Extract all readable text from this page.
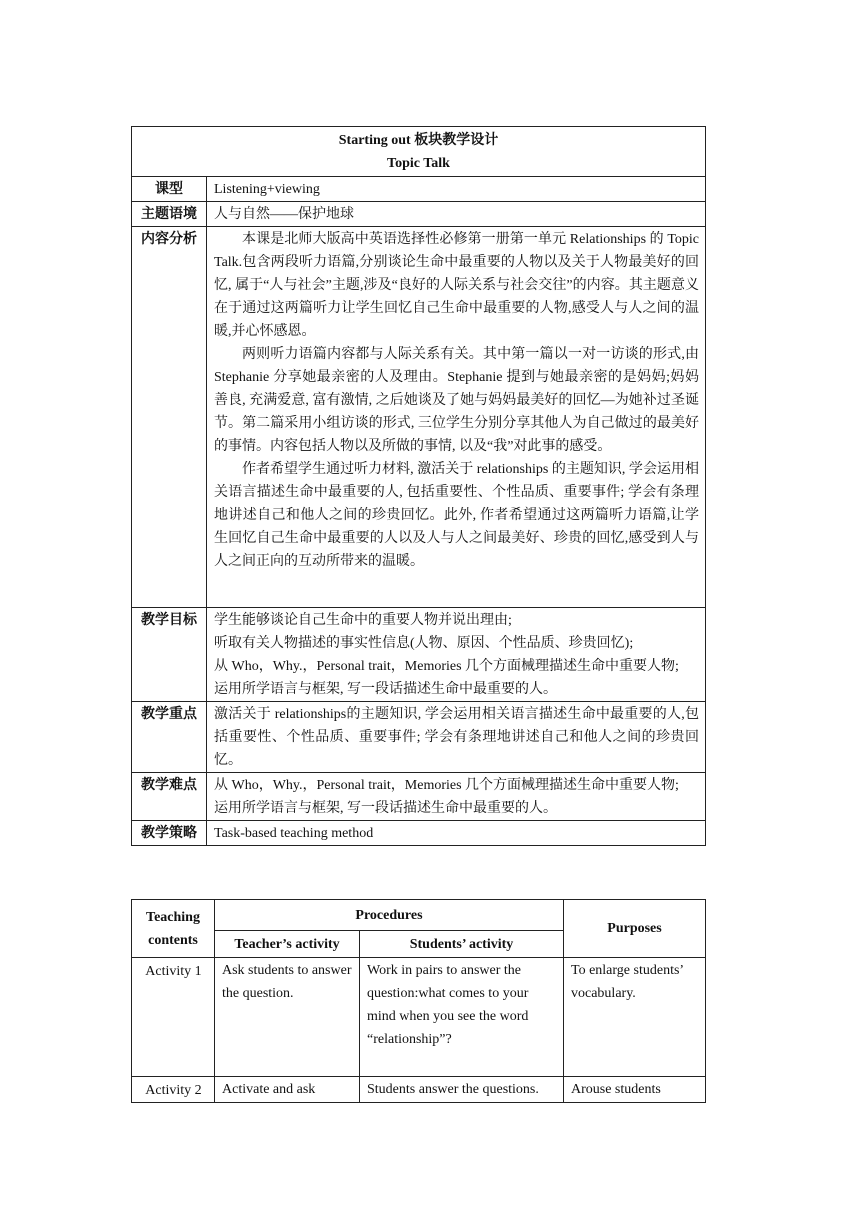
Starting out 板块教学设计
Topic Talk	

课型	Listening+viewing
主题语境	人与自然——保护地球
内容分析	本课是北师大版高中英语选择性必修第一册第一单元 Relationships 的 Topic Talk.包含两段听力语篇,分别谈论生命中最重要的人物以及关于人物最美好的回忆, 属于“人与社会”主题,涉及“良好的人际关系与社会交往”的内容。其主题意义在于通过这两篇听力让学生回忆自己生命中最重要的人物,感受人与人之间的温暖,并心怀感恩。

两则听力语篇内容都与人际关系有关。其中第一篇以一对一访谈的形式,由 Stephanie 分享她最亲密的人及理由。Stephanie 提到与她最亲密的是妈妈;妈妈善良, 充满爱意, 富有激情, 之后她谈及了她与妈妈最美好的回忆—为她补过圣诞节。第二篇采用小组访谈的形式, 三位学生分别分享其他人为自己做过的最美好的事情。内容包括人物以及所做的事情, 以及“我”对此事的感受。

作者希望学生通过听力材料, 激活关于 relationships 的主题知识, 学会运用相关语言描述生命中最重要的人, 包括重要性、个性品质、重要事件; 学会有条理地讲述自己和他人之间的珍贵回忆。此外, 作者希望通过这两篇听力语篇,让学生回忆自己生命中最重要的人以及人与人之间最美好、珍贵的回忆,感受到人与人之间正向的互动所带来的温暖。

教学目标	学生能够谈论自己生命中的重要人物并说出理由;
听取有关人物描述的事实性信息(人物、原因、个性品质、珍贵回忆);
从 Who，Why.，Personal trait，Memories 几个方面械理描述生命中重要人物;
运用所学语言与框架, 写一段话描述生命中最重要的人。

教学重点	激活关于 relationships的主题知识, 学会运用相关语言描述生命中最重要的人,包括重要性、个性品质、重要事件; 学会有条理地讲述自己和他人之间的珍贵回忆。
教学难点	从 Who，Why.，Personal trait，Memories 几个方面械理描述生命中重要人物;
运用所学语言与框架, 写一段话描述生命中最重要的人。

教学策略	Task-based teaching method
Teaching contents	Procedures		Purposes
	Teacher’s activity	Students’ activity	
Activity 1	Ask students to answer the question.	Work in pairs to answer the question:what comes to your mind when you see the word “relationship”?	To enlarge students’ vocabulary.
Activity 2	Activate and ask	Students answer the questions.	Arouse students
